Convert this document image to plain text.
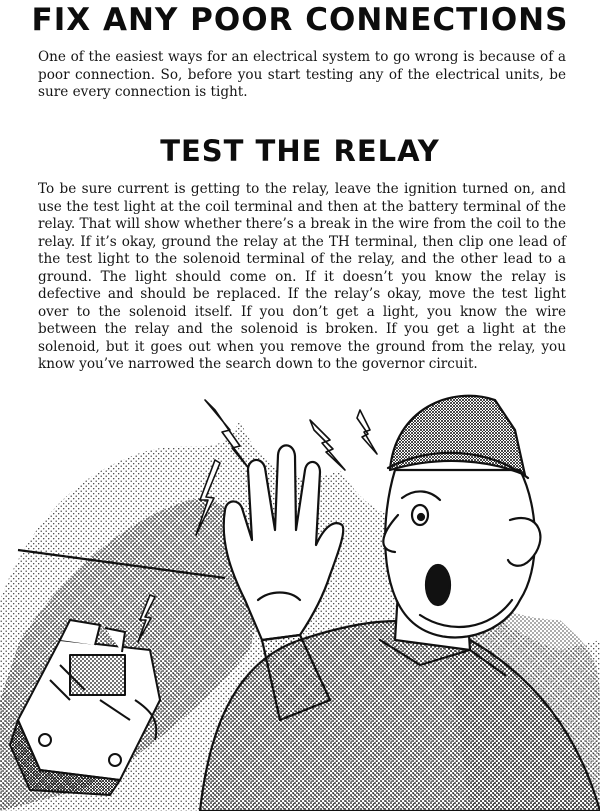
FIX ANY POOR CONNECTIONS

One of the easiest ways for an electrical system to go wrong is because of a poor connection. So, before you start testing any of the electrical units, be sure every connection is tight.

TEST THE RELAY

To be sure current is getting to the relay, leave the ignition turned on, and use the test light at the coil terminal and then at the battery terminal of the relay. That will show whether there’s a break in the wire from the coil to the relay. If it’s okay, ground the relay at the TH terminal, then clip one lead of the test light to the solenoid terminal of the relay, and the other lead to a ground. The light should come on. If it doesn’t you know the relay is defective and should be replaced. If the relay’s okay, move the test light over to the solenoid itself. If you don’t get a light, you know the wire between the relay and the solenoid is broken. If you get a light at the solenoid, but it goes out when you remove the ground from the relay, you know you’ve narrowed the search down to the governor circuit.
